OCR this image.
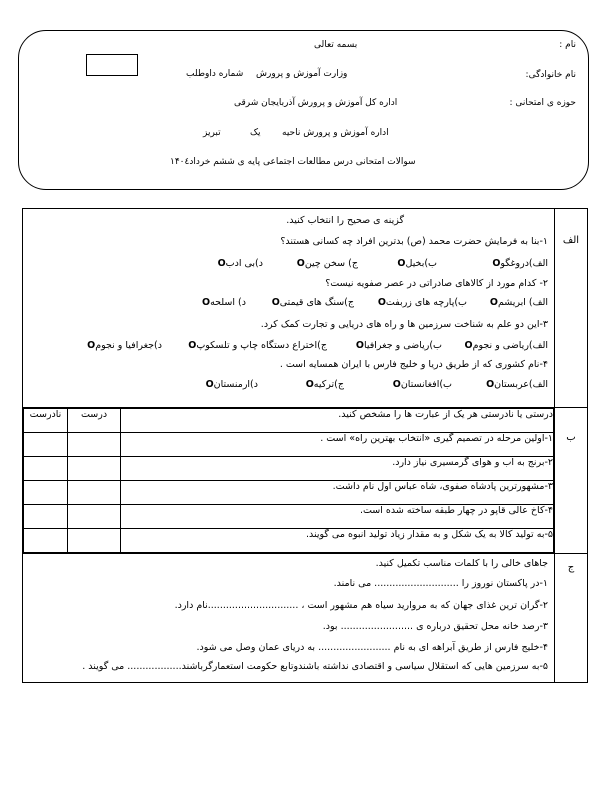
بسمه تعالی	نام :
وزارت آموزش و پرورش
شماره داوطلب	نام خانوادگی:
اداره کل آموزش و پرورش آذربایجان شرقی	حوزه ی امتحانی :
اداره آموزش و پرورش ناحیه
یک
تبریز
سوالات امتحانی درس مطالعات اجتماعی پایه ی ششم خرداد۱۴۰٤
گزینه ی صحیح را انتخاب کنید.
۱-بنا به فرمایش حضرت محمد (ص) بدترین افراد چه کسانی هستند؟
الف)دروغگوO
ب)بخیلO
ج) سخن چینO
د)بی ادبO
۲- کدام مورد از کالاهای صادراتی در عصر صفویه نیست؟
الف) ابریشمO
ب)پارچه های زربفتO
ج)سنگ های قیمتیO
د) اسلحهO
۳-این دو علم به شناخت سرزمین ها و راه های دریایی و تجارت کمک کرد.
الف)ریاضی و نجومO
ب)ریاضی و جغرافیاO
ج)اختراع دستگاه چاپ و تلسکوپO
د)جغرافیا و نجومO
۴-نام کشوری که از طریق دریا و خلیج فارس با ایران همسایه است .
الف)عربستانO
ب)افغانستانO
ج)ترکیهO
د)ارمنستانO

الف

نادرست	درست	درستی یا نادرستی هر یک از عبارت ها را مشخص کنید.
		۱-اولین مرحله در تصمیم گیری «انتخاب بهترین راه» است .
		۲-برنج به آب و هوای گرمسیری نیاز دارد.
		۳-مشهورترین پادشاه صفوی، شاه عباس اول نام داشت.
		۴-کاخ عالی قاپو در چهار طبقه ساخته شده است.
		۵-به تولید کالا به یک شکل و به مقدار زیاد تولید انبوه می گویند.

ب

جاهای خالی را با کلمات مناسب تکمیل کنید.
۱-در پاکستان نوروز را ............................ می نامند.
۲-گران ترین غذای جهان که به مروارید سیاه هم مشهور است ، ..............................نام دارد.
۳-رصد خانه محل تحقیق درباره ی ........................ بود.
۴-خلیج فارس از طریق آبراهه ای به نام ........................ به دریای عمان وصل می شود.
۵-به سرزمین هایی که استقلال سیاسی و اقتصادی نداشته باشندوتابع حکومت استعمارگرباشند.................. می گویند .

ج
